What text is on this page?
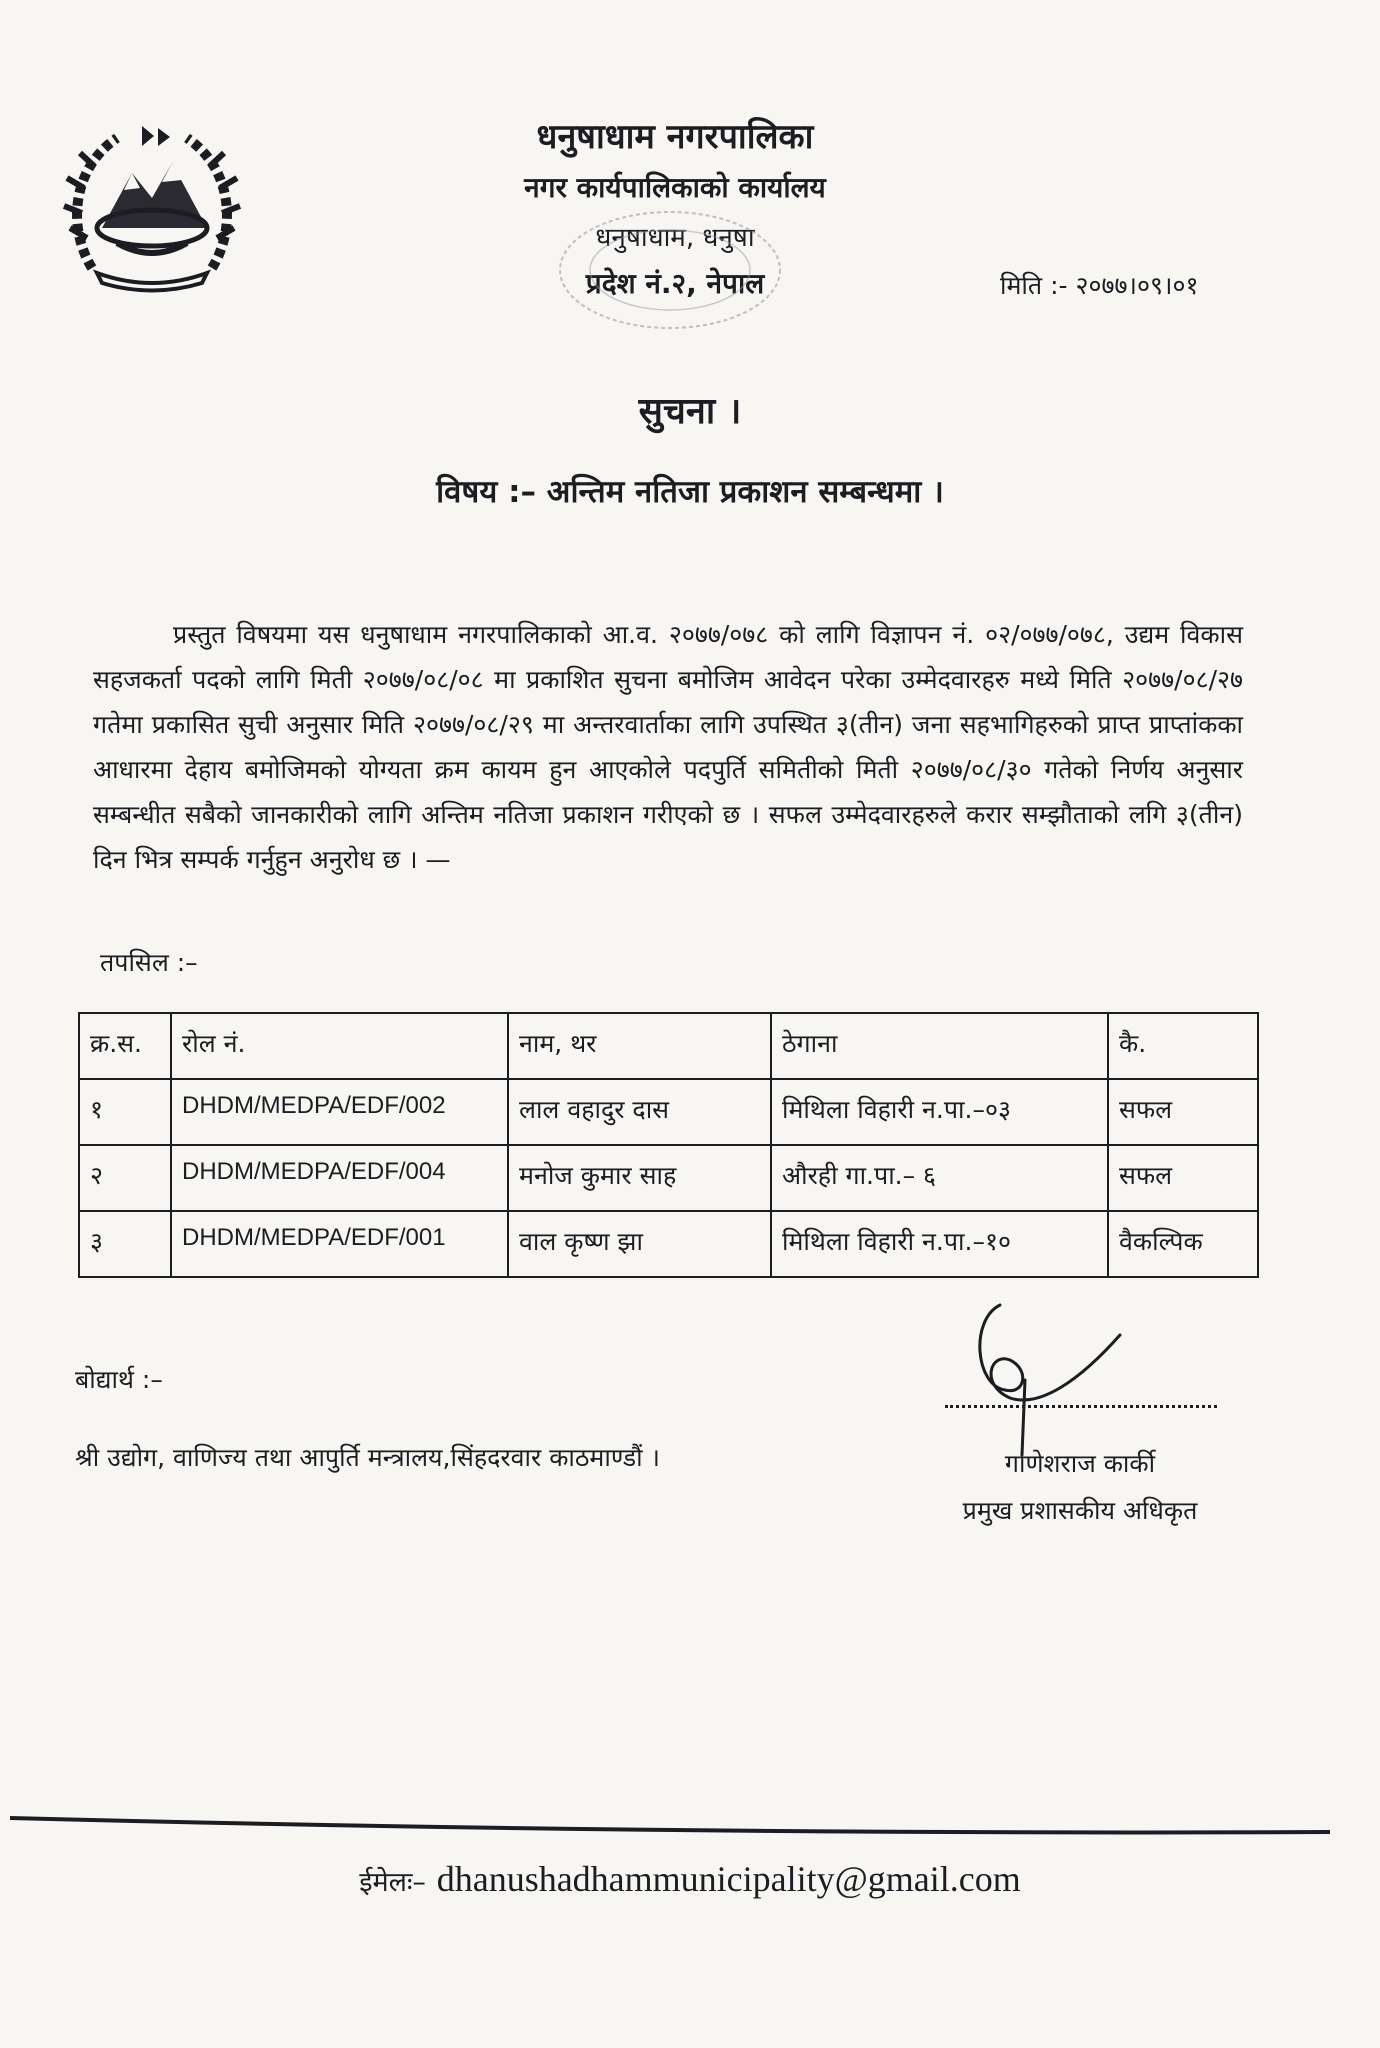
धनुषाधाम नगरपालिका
नगर कार्यपालिकाको कार्यालय
धनुषाधाम, धनुषा
प्रदेश नं.२, नेपाल	मिति :- २०७७।०९।०१
सुचना ।
विषय :– अन्तिम नतिजा प्रकाशन सम्बन्धमा ।
प्रस्तुत विषयमा यस धनुषाधाम नगरपालिकाको आ.व. २०७७/०७८ को लागि विज्ञापन नं. ०२/०७७/०७८, उद्यम विकास सहजकर्ता पदको लागि मिती २०७७/०८/०८ मा प्रकाशित सुचना बमोजिम आवेदन परेका उम्मेदवारहरु मध्ये मिति २०७७/०८/२७ गतेमा प्रकासित सुची अनुसार मिति २०७७/०८/२९ मा अन्तरवार्ताका लागि उपस्थित ३(तीन) जना सहभागिहरुको प्राप्त प्राप्तांकका आधारमा देहाय बमोजिमको योग्यता क्रम कायम हुन आएकोले पदपुर्ति समितीको मिती २०७७/०८/३० गतेको निर्णय अनुसार सम्बन्धीत सबैको जानकारीको लागि अन्तिम नतिजा प्रकाशन गरीएको छ । सफल उम्मेदवारहरुले करार सम्झौताको लगि ३(तीन) दिन भित्र सम्पर्क गर्नुहुन अनुरोध छ । —
तपसिल :–
क्र.स.	रोल नं.	नाम, थर	ठेगाना	कै.
१	DHDM/MEDPA/EDF/002	लाल वहादुर दास	मिथिला विहारी न.पा.–०३	सफल
२	DHDM/MEDPA/EDF/004	मनोज कुमार साह	औरही गा.पा.– ६	सफल
३	DHDM/MEDPA/EDF/001	वाल कृष्ण झा	मिथिला विहारी न.पा.–१०	वैकल्पिक
बोद्यार्थ :–
श्री उद्योग, वाणिज्य तथा आपुर्ति मन्त्रालय,सिंहदरवार काठमाण्डौं ।	गाणेशराज कार्की
प्रमुख प्रशासकीय अधिकृत
ईमेलः– dhanushadhammunicipality@gmail.com
